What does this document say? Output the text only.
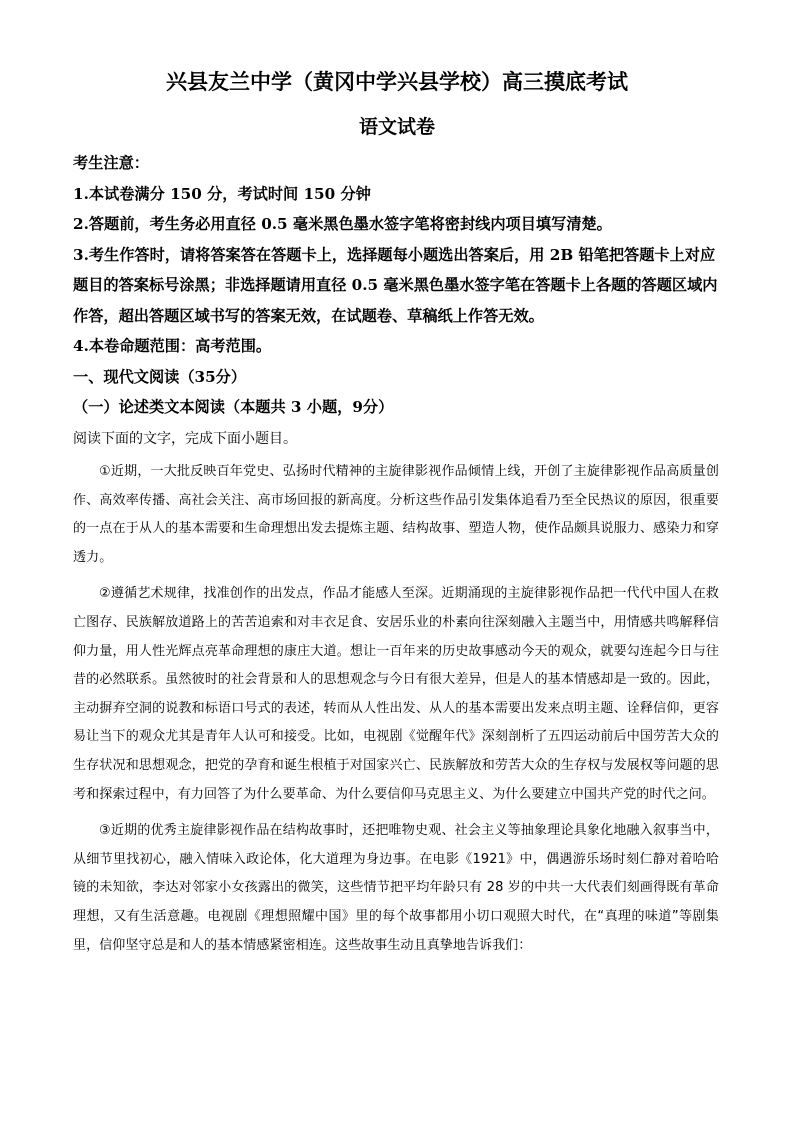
兴县友兰中学（黄冈中学兴县学校）高三摸底考试
语文试卷

考生注意：

1.本试卷满分 150 分，考试时间 150 分钟

2.答题前，考生务必用直径 0.5 毫米黑色墨水签字笔将密封线内项目填写清楚。

3.考生作答时，请将答案答在答题卡上，选择题每小题选出答案后，用 2B 铅笔把答题卡上对应题目的答案标号涂黑；非选择题请用直径 0.5 毫米黑色墨水签字笔在答题卡上各题的答题区域内作答，超出答题区域书写的答案无效，在试题卷、草稿纸上作答无效。

4.本卷命题范围：高考范围。

一、现代文阅读（35分）

（一）论述类文本阅读（本题共 3 小题，9分）

阅读下面的文字，完成下面小题目。

①近期，一大批反映百年党史、弘扬时代精神的主旋律影视作品倾情上线，开创了主旋律影视作品高质量创作、高效率传播、高社会关注、高市场回报的新高度。分析这些作品引发集体追看乃至全民热议的原因，很重要的一点在于从人的基本需要和生命理想出发去提炼主题、结构故事、塑造人物，使作品颇具说服力、感染力和穿透力。

②遵循艺术规律，找准创作的出发点，作品才能感人至深。近期涌现的主旋律影视作品把一代代中国人在救亡图存、民族解放道路上的苦苦追索和对丰衣足食、安居乐业的朴素向往深刻融入主题当中，用情感共鸣解释信仰力量，用人性光辉点亮革命理想的康庄大道。想让一百年来的历史故事感动今天的观众，就要勾连起今日与往昔的必然联系。虽然彼时的社会背景和人的思想观念与今日有很大差异，但是人的基本情感却是一致的。因此，主动摒弃空洞的说教和标语口号式的表述，转而从人性出发、从人的基本需要出发来点明主题、诠释信仰，更容易让当下的观众尤其是青年人认可和接受。比如，电视剧《觉醒年代》深刻剖析了五四运动前后中国劳苦大众的生存状况和思想观念，把党的孕育和诞生根植于对国家兴亡、民族解放和劳苦大众的生存权与发展权等问题的思考和探索过程中，有力回答了为什么要革命、为什么要信仰马克思主义、为什么要建立中国共产党的时代之问。

③近期的优秀主旋律影视作品在结构故事时，还把唯物史观、社会主义等抽象理论具象化地融入叙事当中，从细节里找初心，融入情味入政论体，化大道理为身边事。在电影《1921》中，偶遇游乐场时刻仁静对着哈哈镜的未知欲，李达对邻家小女孩露出的微笑，这些情节把平均年龄只有 28 岁的中共一大代表们刻画得既有革命理想，又有生活意趣。电视剧《理想照耀中国》里的每个故事都用小切口观照大时代，在“真理的味道”等剧集里，信仰坚守总是和人的基本情感紧密相连。这些故事生动且真挚地告诉我们：
